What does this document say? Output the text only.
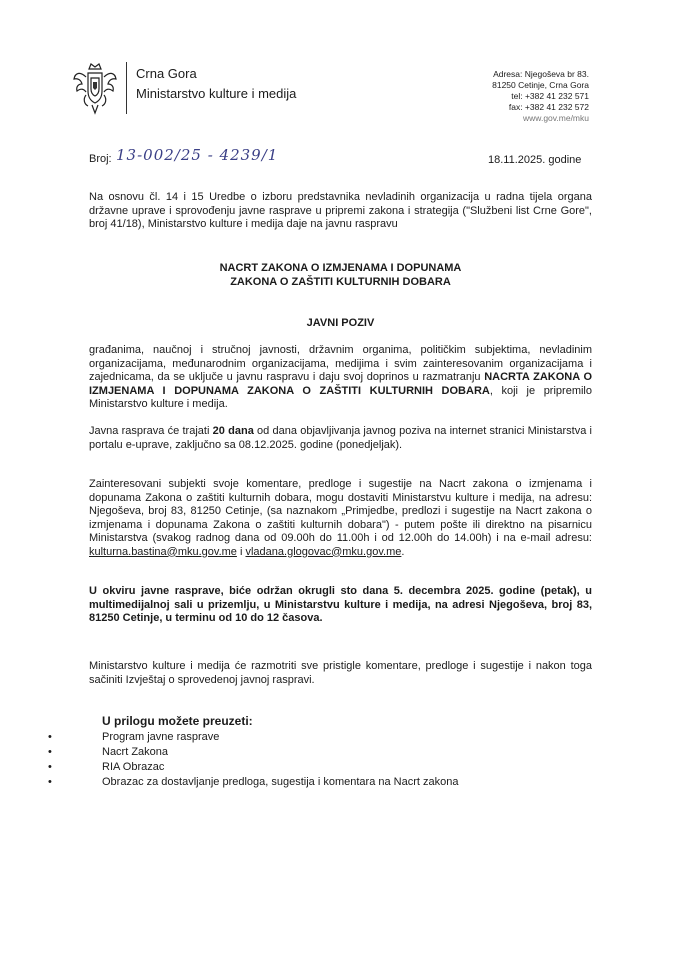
Crna Gora
Ministarstvo kulture i medija
Adresa: Njegoševa br 83.
81250 Cetinje, Crna Gora
tel: +382 41 232 571
fax: +382 41 232 572
www.gov.me/mku
Broj: 13-002/25 - 4239/1	18.11.2025. godine

Na osnovu čl. 14 i 15 Uredbe o izboru predstavnika nevladinih organizacija u radna tijela organa državne uprave i sprovođenju javne rasprave u pripremi zakona i strategija ("Službeni list Crne Gore", broj 41/18), Ministarstvo kulture i medija daje na javnu raspravu

NACRT ZAKONA O IZMJENAMA I DOPUNAMA
ZAKONA O ZAŠTITI KULTURNIH DOBARA
JAVNI POZIV

građanima, naučnoj i stručnoj javnosti, državnim organima, političkim subjektima, nevladinim organizacijama, međunarodnim organizacijama, medijima i svim zainteresovanim organizacijama i zajednicama, da se uključe u javnu raspravu i daju svoj doprinos u razmatranju NACRTA ZAKONA O IZMJENAMA I DOPUNAMA ZAKONA O ZAŠTITI KULTURNIH DOBARA, koji je pripremilo Ministarstvo kulture i medija.

Javna rasprava će trajati 20 dana od dana objavljivanja javnog poziva na internet stranici Ministarstva i portalu e-uprave, zaključno sa 08.12.2025. godine (ponedjeljak).

Zainteresovani subjekti svoje komentare, predloge i sugestije na Nacrt zakona o izmjenama i dopunama Zakona o zaštiti kulturnih dobara, mogu dostaviti Ministarstvu kulture i medija, na adresu: Njegoševa, broj 83, 81250 Cetinje, (sa naznakom „Primjedbe, predlozi i sugestije na Nacrt zakona o izmjenama i dopunama Zakona o zaštiti kulturnih dobara") - putem pošte ili direktno na pisarnicu Ministarstva (svakog radnog dana od 09.00h do 11.00h i od 12.00h do 14.00h) i na e-mail adresu: kulturna.bastina@mku.gov.me i vladana.glogovac@mku.gov.me.

U okviru javne rasprave, biće održan okrugli sto dana 5. decembra 2025. godine (petak), u multimedijalnoj sali u prizemlju, u Ministarstvu kulture i medija, na adresi Njegoševa, broj 83, 81250 Cetinje, u terminu od 10 do 12 časova.

Ministarstvo kulture i medija će razmotriti sve pristigle komentare, predloge i sugestije i nakon toga sačiniti Izvještaj o sprovedenoj javnoj raspravi.

U prilogu možete preuzeti:
•	Program javne rasprave
•	Nacrt Zakona
•	RIA Obrazac
•	Obrazac za dostavljanje predloga, sugestija i komentara na Nacrt zakona
